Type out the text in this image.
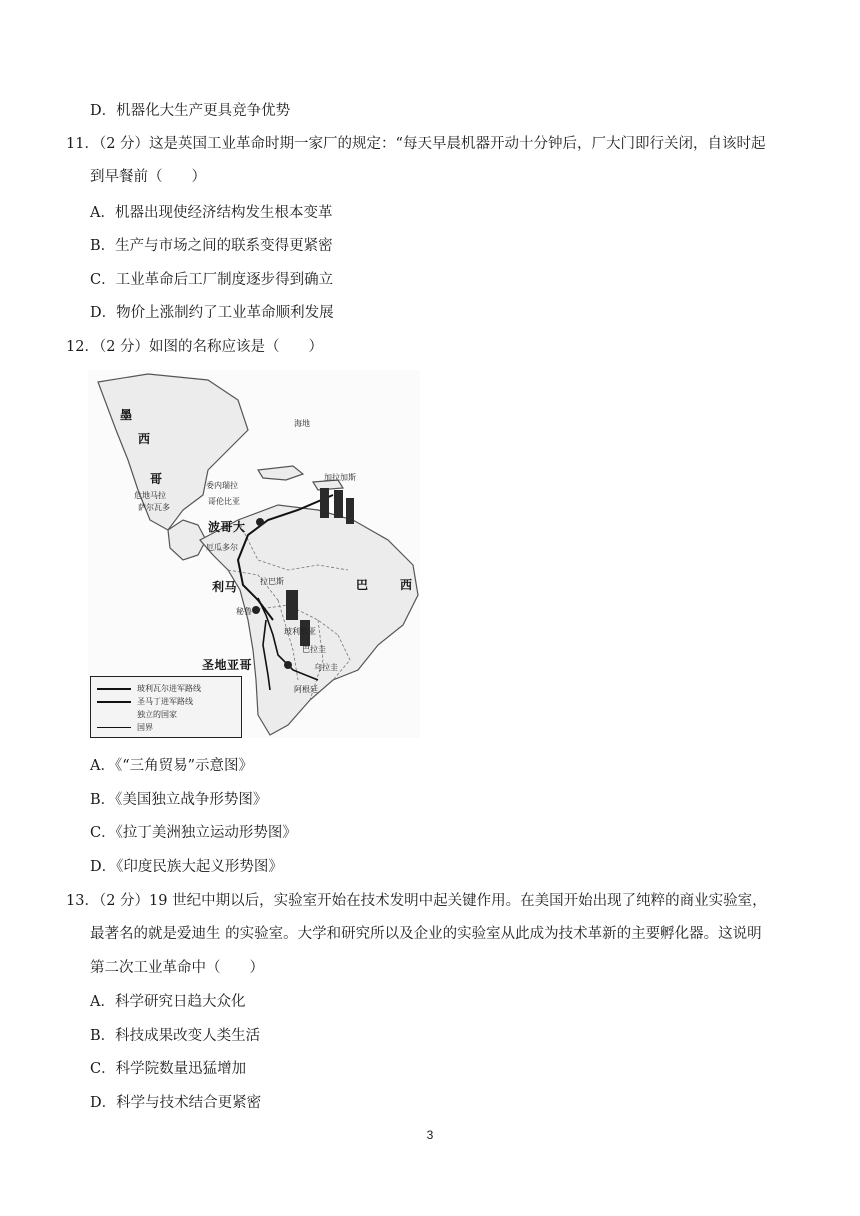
D．机器化大生产更具竞争优势
11．（2 分）这是英国工业革命时期一家厂的规定：“每天早晨机器开动十分钟后，厂大门即行关闭，自该时起
到早餐前（　　）
A．机器出现使经济结构发生根本变革
B．生产与市场之间的联系变得更紧密
C．工业革命后工厂制度逐步得到确立
D．物价上涨制约了工业革命顺利发展
12．（2 分）如图的名称应该是（　　）
墨
西
哥
危地马拉
萨尔瓦多
委内瑞拉
海地
加拉加斯
哥伦比亚
波哥大
厄瓜多尔
利马	拉巴斯
秘鲁
巴	西
玻利维亚
巴拉圭
乌拉圭
阿根廷
圣地亚哥
玻利瓦尔进军路线
圣马丁进军路线
独立的国家
国界
A．《“三角贸易”示意图》
B．《美国独立战争形势图》
C．《拉丁美洲独立运动形势图》
D．《印度民族大起义形势图》
13．（2 分）19 世纪中期以后，实验室开始在技术发明中起关键作用。在美国开始出现了纯粹的商业实验室，
最著名的就是爱迪生 的实验室。大学和研究所以及企业的实验室从此成为技术革新的主要孵化器。这说明
第二次工业革命中（　　）
A．科学研究日趋大众化
B．科技成果改变人类生活
C．科学院数量迅猛增加
D．科学与技术结合更紧密
3
